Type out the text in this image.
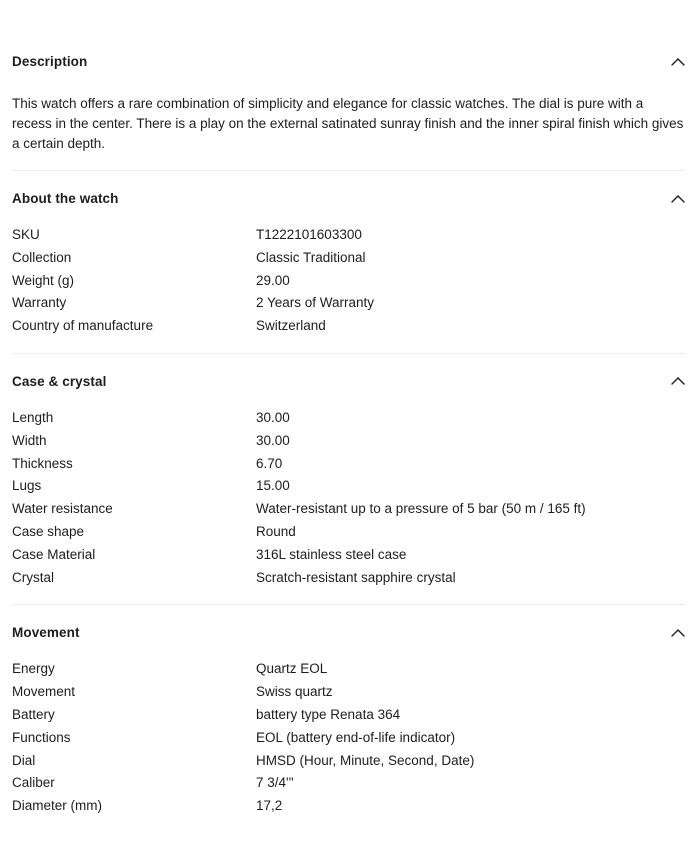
Description

This watch offers a rare combination of simplicity and elegance for classic watches. The dial is pure with a recess in the center. There is a play on the external satinated sunray finish and the inner spiral finish which gives a certain depth.

About the watch
SKU	T1222101603300
Collection	Classic Traditional
Weight (g)	29.00
Warranty	2 Years of Warranty
Country of manufacture	Switzerland
Case & crystal
Length	30.00
Width	30.00
Thickness	6.70
Lugs	15.00
Water resistance	Water-resistant up to a pressure of 5 bar (50 m / 165 ft)
Case shape	Round
Case Material	316L stainless steel case
Crystal	Scratch-resistant sapphire crystal
Movement
Energy	Quartz EOL
Movement	Swiss quartz
Battery	battery type Renata 364
Functions	EOL (battery end-of-life indicator)
Dial	HMSD (Hour, Minute, Second, Date)
Caliber	7 3/4'''
Diameter (mm)	17,2
